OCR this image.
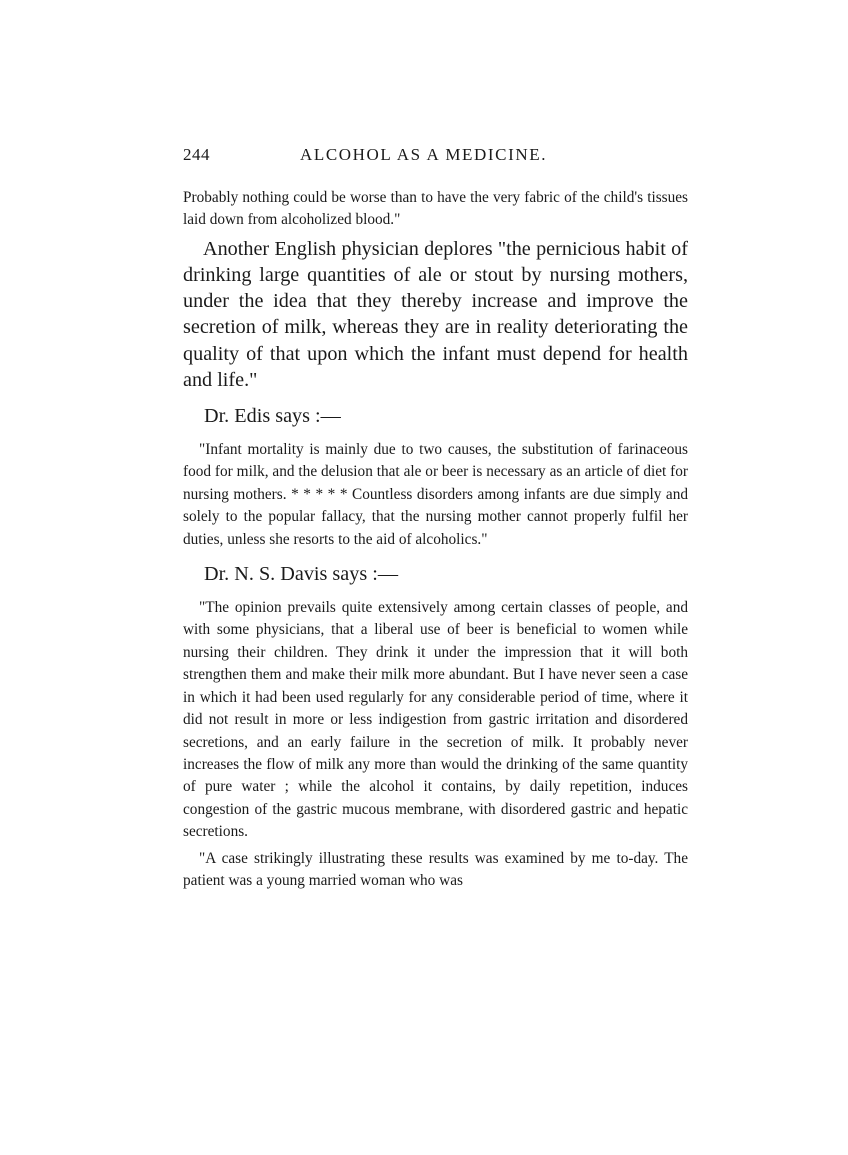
244	ALCOHOL AS A MEDICINE.

Probably nothing could be worse than to have the very fabric of the child's tissues laid down from alcoholized blood."

Another English physician deplores "the pernicious habit of drinking large quantities of ale or stout by nursing mothers, under the idea that they thereby increase and improve the secretion of milk, whereas they are in reality deteriorating the quality of that upon which the infant must depend for health and life."

Dr. Edis says :—

"Infant mortality is mainly due to two causes, the substitution of farinaceous food for milk, and the delusion that ale or beer is necessary as an article of diet for nursing mothers. * * * * * Countless disorders among infants are due simply and solely to the popular fallacy, that the nursing mother cannot properly fulfil her duties, unless she resorts to the aid of alcoholics."

Dr. N. S. Davis says :—

"The opinion prevails quite extensively among certain classes of people, and with some physicians, that a liberal use of beer is beneficial to women while nursing their children. They drink it under the impression that it will both strengthen them and make their milk more abundant. But I have never seen a case in which it had been used regularly for any considerable period of time, where it did not result in more or less indigestion from gastric irritation and disordered secretions, and an early failure in the secretion of milk. It probably never increases the flow of milk any more than would the drinking of the same quantity of pure water ; while the alcohol it contains, by daily repetition, induces congestion of the gastric mucous membrane, with disordered gastric and hepatic secretions.

"A case strikingly illustrating these results was examined by me to-day. The patient was a young married woman who was
